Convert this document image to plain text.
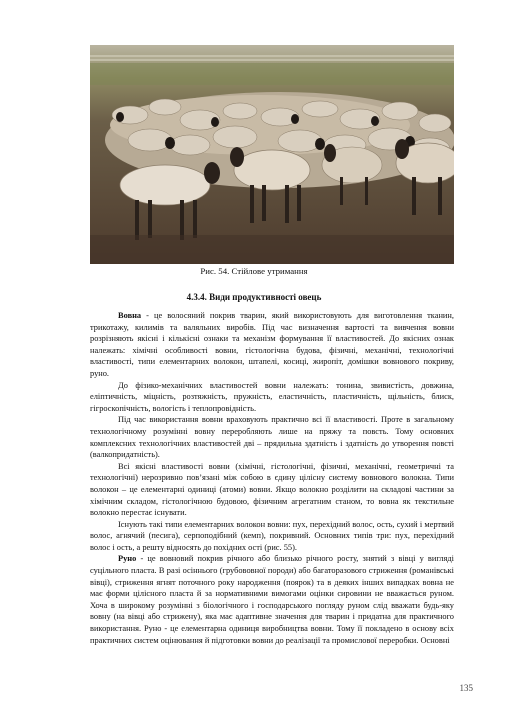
Рис. 54. Стійлове утримання
4.3.4. Види продуктивності овець

Вовна - це волосяний покрив тварин, який використовують для виготовлення тканин, трикотажу, килимів та валяльних виробів. Під час визначення вартості та вивчення вовни розрізняють якісні і кількісні ознаки та механізм формування її властивостей. До якісних ознак належать: хімічні особливості вовни, гістологічна будова, фізичні, механічні, технологічні властивості, типи елементарних волокон, штапелі, косиці, жиропіт, домішки вовнового покриву, руно.

До фізико-механічних властивостей вовни належать: тонина, звивистість, довжина, еліптичність, міцність, розтяжність, пружність, еластичність, пластичність, щільність, блиск, гігроскопічність, вологість і теплопровідність.

Під час використання вовни враховують практично всі її властивості. Проте в загальному технологічному розумінні вовну переробляють лише на пряжу та повсть. Тому основних комплексних технологічних властивостей дві – прядильна здатність і здатність до утворення повсті (валкопридатність).

Всі якісні властивості вовни (хімічні, гістологічні, фізичні, механічні, геометричні та технологічні) нерозривно пов’язані між собою в єдину цілісну систему вовнового волокна. Типи волокон – це елементарні одиниці (атоми) вовни. Якщо волокно розділити на складові частини за хімічним складом, гістологічною будовою, фізичним агрегатним станом, то вовна як текстильне волокно перестає існувати.

Існують такі типи елементарних волокон вовни: пух, перехідний волос, ость, сухий і мертвий волос, агнячий (песига), серпоподібний (кемп), покривний. Основних типів три: пух, перехідний волос і ость, а решту відносять до похідних ості (рис. 55).

Руно - це вовновий покрив річного або близько річного росту, знятий з вівці у вигляді суцільного пласта. В разі осіннього (грубововної породи) або багаторазового стриження (романівські вівці), стриження ягнят поточного року народження (поярок) та в деяких інших випадках вовна не має форми цілісного пласта й за нормативними вимогами оцінки сировини не вважається руном. Хоча в широкому розумінні з біологічного і господарського погляду руном слід вважати будь-яку вовну (на вівці або стрижену), яка має адаптивне значення для тварин і придатна для практичного використання. Руно - це елементарна одиниця виробництва вовни. Тому її покладено в основу всіх практичних систем оцінювання й підготовки вовни до реалізації та промислової переробки. Основні

135
